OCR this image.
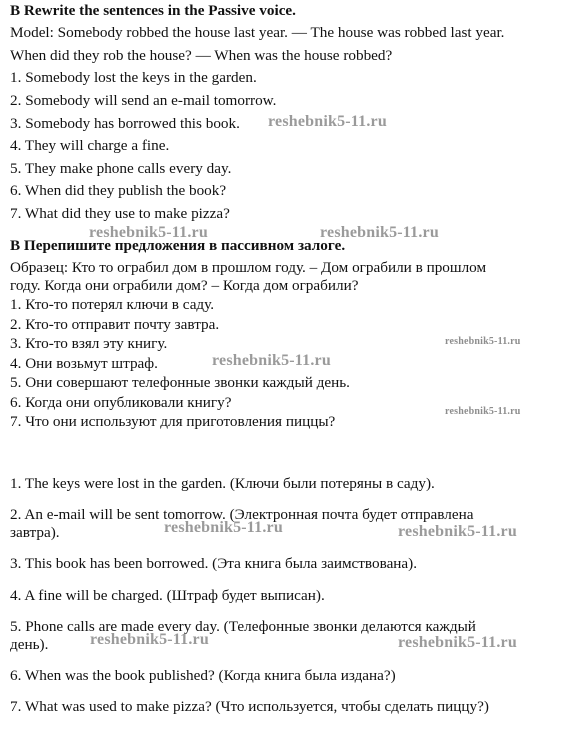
B Rewrite the sentences in the Passive voice.
Model: Somebody robbed the house last year. — The house was robbed last year.
When did they rob the house? — When was the house robbed?
1. Somebody lost the keys in the garden.
2. Somebody will send an e-mail tomorrow.
3. Somebody has borrowed this book.
4. They will charge a fine.
5. They make phone calls every day.
6. When did they publish the book?
7. What did they use to make pizza?
B Перепишите предложения в пассивном залоге.
Образец: Кто то ограбил дом в прошлом году. – Дом ограбили в прошлом
году. Когда они ограбили дом? – Когда дом ограбили?
1. Кто-то потерял ключи в саду.
2. Кто-то отправит почту завтра.
3. Кто-то взял эту книгу.
4. Они возьмут штраф.
5. Они совершают телефонные звонки каждый день.
6. Когда они опубликовали книгу?
7. Что они используют для приготовления пиццы?
1. The keys were lost in the garden. (Ключи были потеряны в саду).
2. An e-mail will be sent tomorrow. (Электронная почта будет отправлена
завтра).
3. This book has been borrowed. (Эта книга была заимствована).
4. A fine will be charged. (Штраф будет выписан).
5. Phone calls are made every day. (Телефонные звонки делаются каждый
день).
6. When was the book published? (Когда книга была издана?)
7. What was used to make pizza? (Что используется, чтобы сделать пиццу?)
reshebnik5-11.ru
reshebnik5-11.ru	reshebnik5-11.ru
reshebnik5-11.ru
reshebnik5-11.ru
reshebnik5-11.ru
reshebnik5-11.ru	reshebnik5-11.ru
reshebnik5-11.ru	reshebnik5-11.ru
